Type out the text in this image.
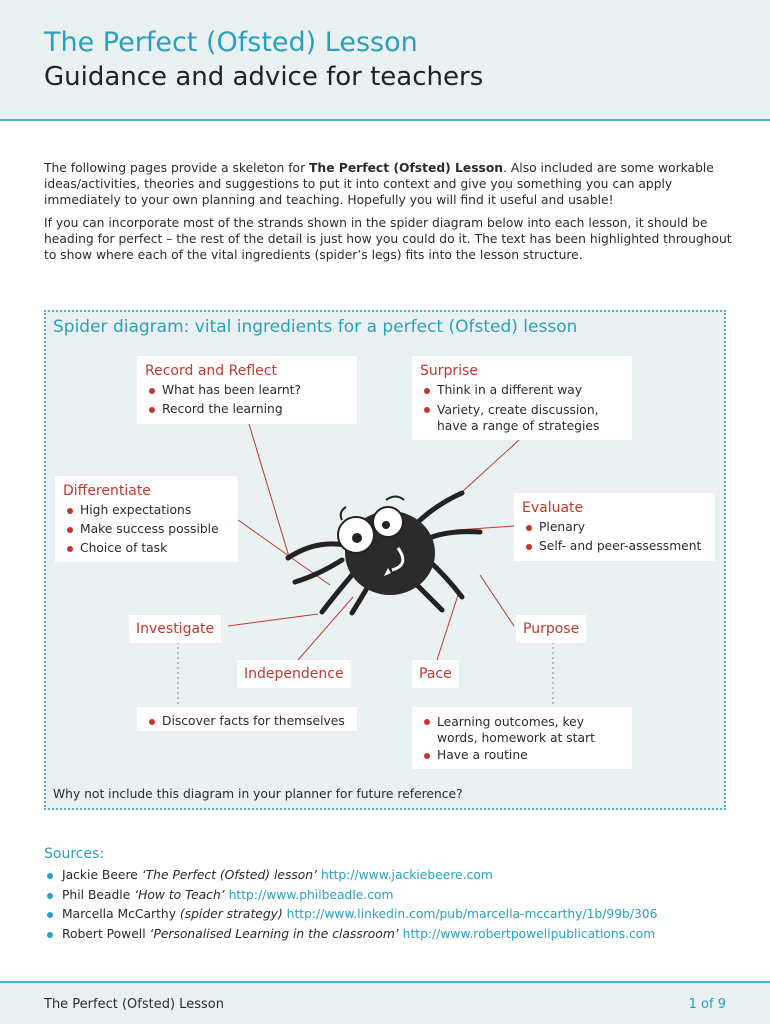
The Perfect (Ofsted) Lesson
Guidance and advice for teachers

The following pages provide a skeleton for The Perfect (Ofsted) Lesson. Also included are some workable ideas/activities, theories and suggestions to put it into context and give you something you can apply immediately to your own planning and teaching. Hopefully you will find it useful and usable!

If you can incorporate most of the strands shown in the spider diagram below into each lesson, it should be heading for perfect – the rest of the detail is just how you could do it. The text has been highlighted throughout to show where each of the vital ingredients (spider’s legs) fits into the lesson structure.

Spider diagram: vital ingredients for a perfect (Ofsted) lesson
Record and Reflect
What has been learnt?
Record the learning
Surprise
Think in a different way
Variety, create discussion, have a range of strategies
Differentiate
High expectations
Make success possible
Choice of task
Evaluate
Plenary
Self- and peer-assessment
Investigate	Purpose
Independence	Pace
Discover facts for themselves	Learning outcomes, key words, homework at start
Have a routine
Why not include this diagram in your planner for future reference?
Sources:
Jackie Beere ‘The Perfect (Ofsted) lesson’ http://www.jackiebeere.com
Phil Beadle ‘How to Teach’ http://www.philbeadle.com
Marcella McCarthy (spider strategy) http://www.linkedin.com/pub/marcella-mccarthy/1b/99b/306
Robert Powell ‘Personalised Learning in the classroom’ http://www.robertpowellpublications.com
The Perfect (Ofsted) Lesson	1 of 9
